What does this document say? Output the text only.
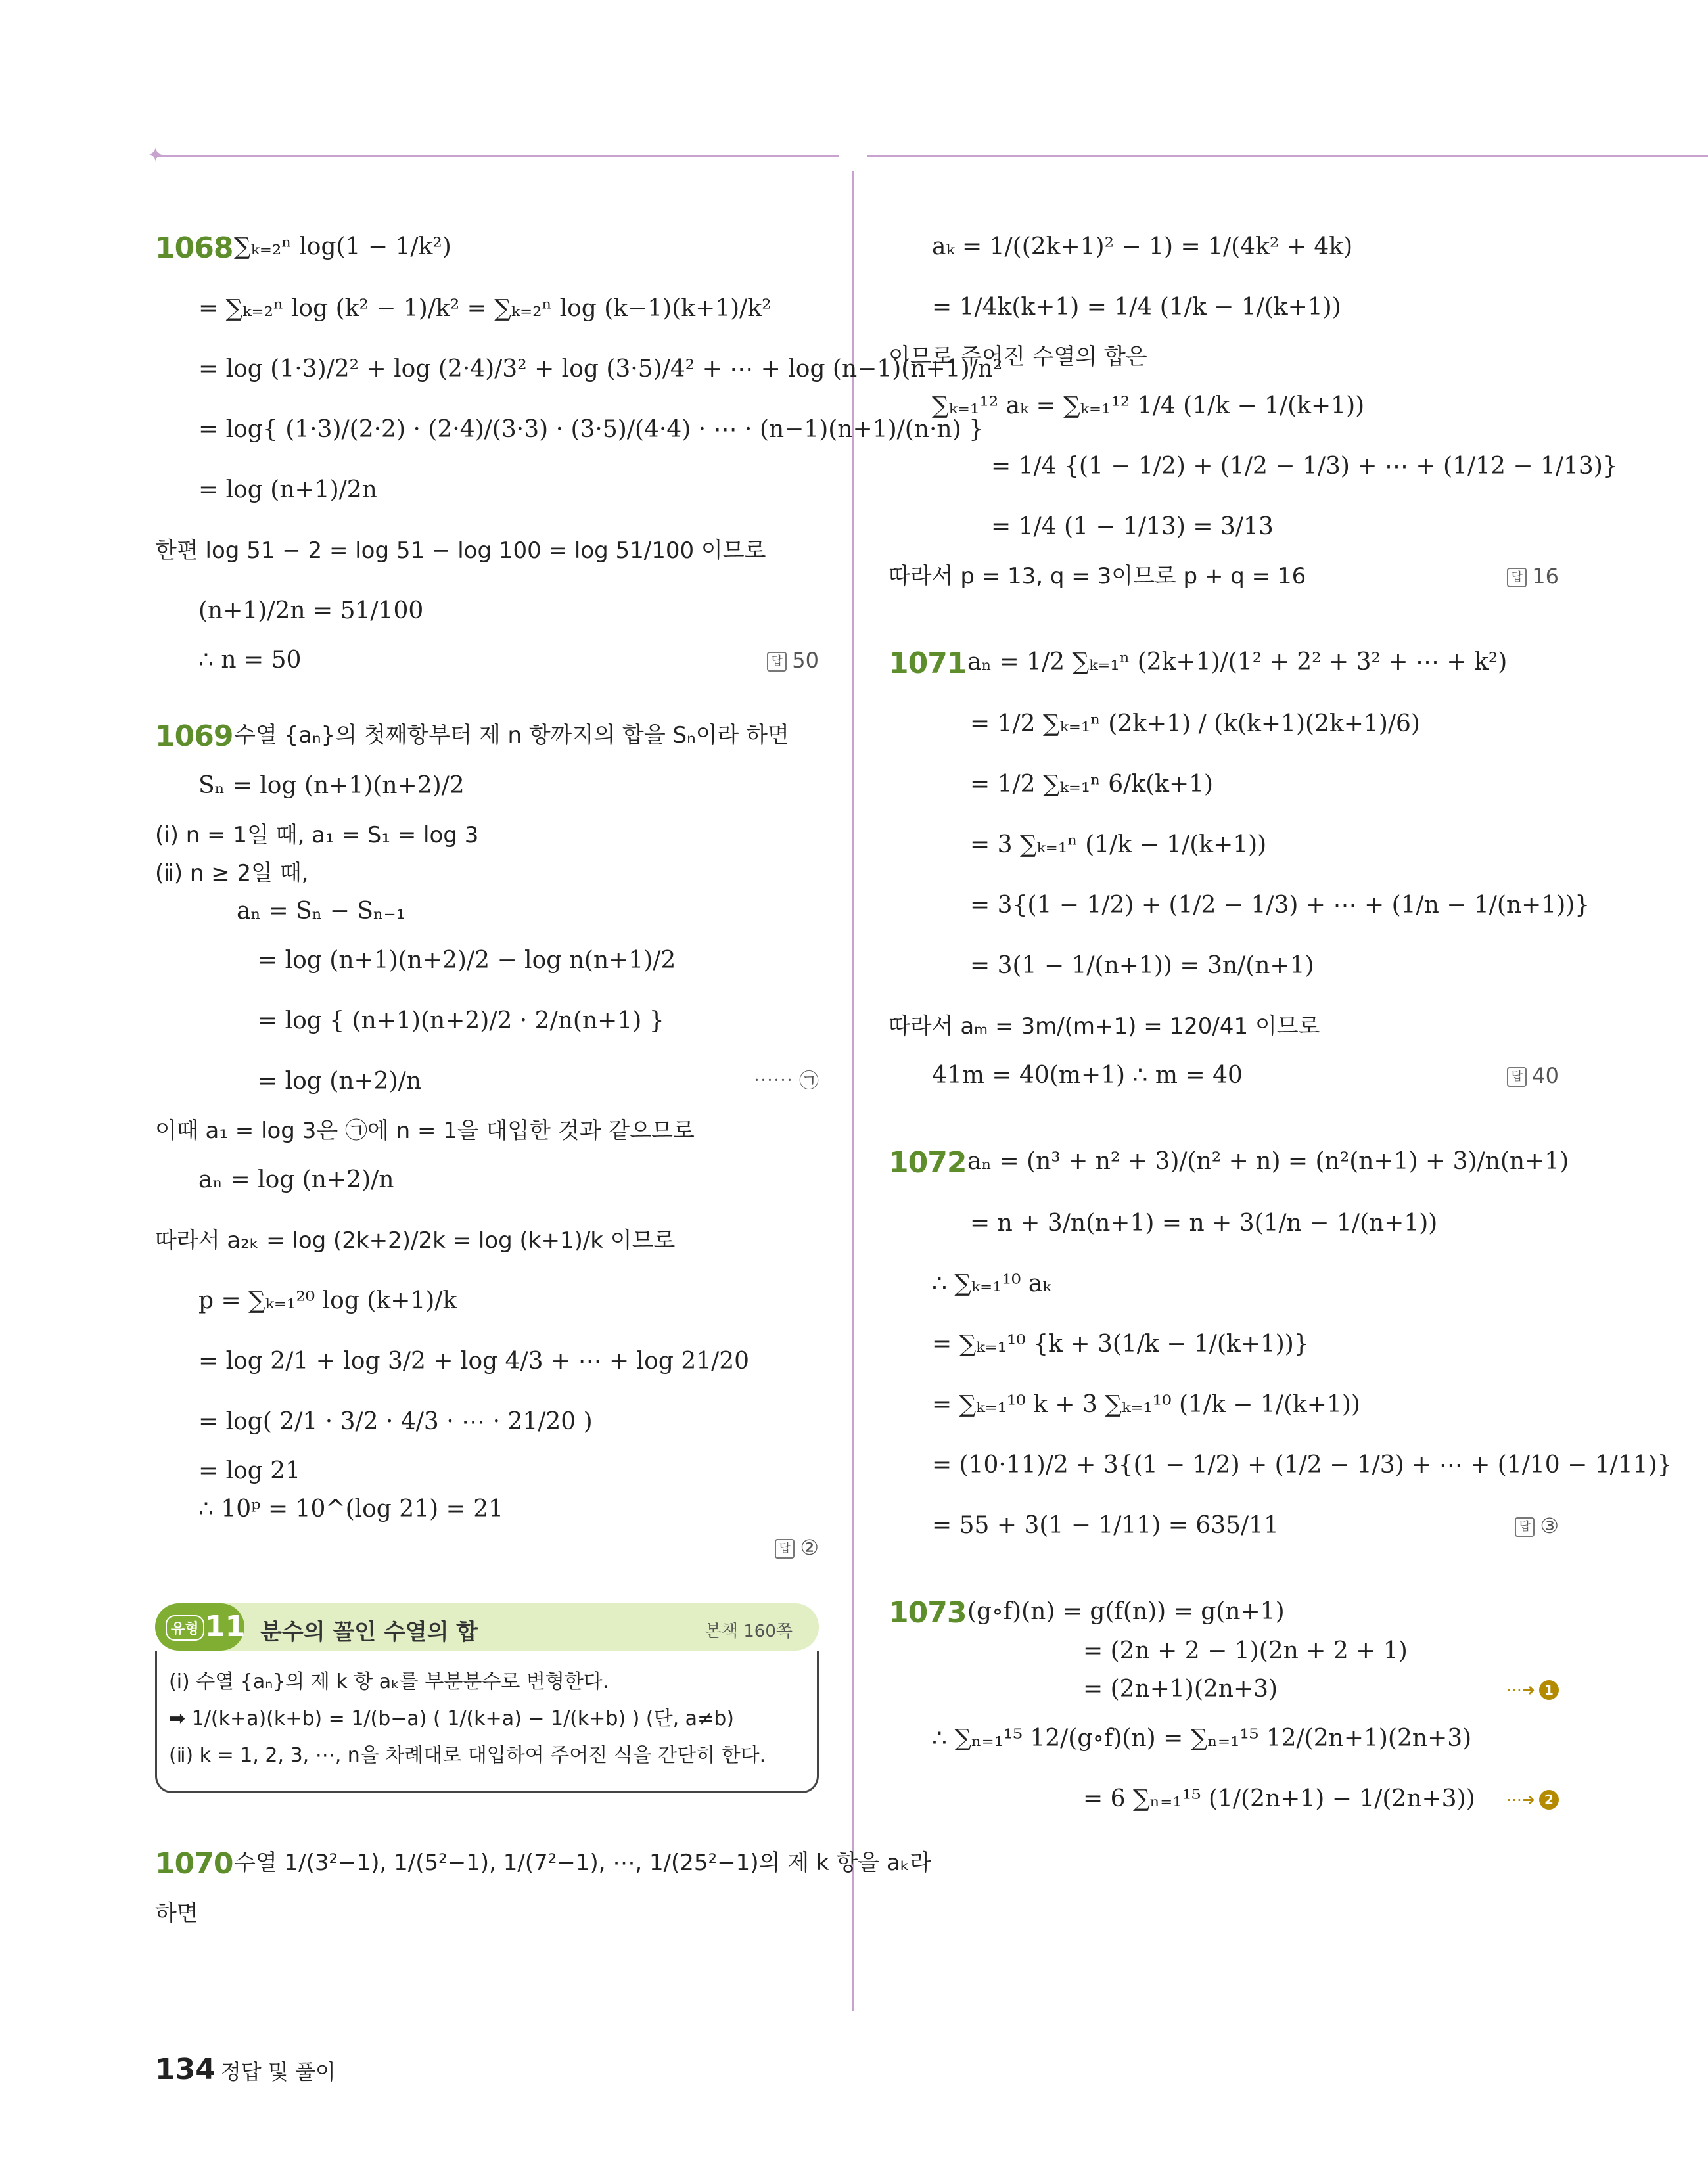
✦
1068∑ₖ₌₂ⁿ log(1 − 1/k²)
= ∑ₖ₌₂ⁿ log (k² − 1)/k² = ∑ₖ₌₂ⁿ log (k−1)(k+1)/k²
= log (1·3)/2² + log (2·4)/3² + log (3·5)/4² + ⋯ + log (n−1)(n+1)/n²
= log{ (1·3)/(2·2) · (2·4)/(3·3) · (3·5)/(4·4) · ⋯ · (n−1)(n+1)/(n·n) }
= log (n+1)/2n
한편 log 51 − 2 = log 51 − log 100 = log 51/100 이므로
(n+1)/2n = 51/100
∴ n = 50	답 50
1069수열 {aₙ}의 첫째항부터 제 n 항까지의 합을 Sₙ이라 하면
Sₙ = log (n+1)(n+2)/2
(ⅰ) n = 1일 때, a₁ = S₁ = log 3
(ⅱ) n ≥ 2일 때,
aₙ = Sₙ − Sₙ₋₁
= log (n+1)(n+2)/2 − log n(n+1)/2
= log { (n+1)(n+2)/2 · 2/n(n+1) }
= log (n+2)/n	⋯⋯ ㉠
이때 a₁ = log 3은 ㉠에 n = 1을 대입한 것과 같으므로
aₙ = log (n+2)/n
따라서 a₂ₖ = log (2k+2)/2k = log (k+1)/k 이므로
p = ∑ₖ₌₁²⁰ log (k+1)/k
= log 2/1 + log 3/2 + log 4/3 + ⋯ + log 21/20
= log( 2/1 · 3/2 · 4/3 · ⋯ · 21/20 )
= log 21
∴ 10ᵖ = 10^(log 21) = 21
답 ②
유형 11 분수의 꼴인 수열의 합	본책 160쪽
(ⅰ) 수열 {aₙ}의 제 k 항 aₖ를 부분분수로 변형한다.
➡ 1/(k+a)(k+b) = 1/(b−a) ( 1/(k+a) − 1/(k+b) ) (단, a≠b)
(ⅱ) k = 1, 2, 3, ⋯, n을 차례대로 대입하여 주어진 식을 간단히 한다.
1070수열 1/(3²−1), 1/(5²−1), 1/(7²−1), ⋯, 1/(25²−1)의 제 k 항을 aₖ라
하면
aₖ = 1/((2k+1)² − 1) = 1/(4k² + 4k)
= 1/4k(k+1) = 1/4 (1/k − 1/(k+1))
이므로 주어진 수열의 합은
∑ₖ₌₁¹² aₖ = ∑ₖ₌₁¹² 1/4 (1/k − 1/(k+1))
= 1/4 {(1 − 1/2) + (1/2 − 1/3) + ⋯ + (1/12 − 1/13)}
= 1/4 (1 − 1/13) = 3/13
따라서 p = 13, q = 3이므로 p + q = 16	답 16
1071aₙ = 1/2 ∑ₖ₌₁ⁿ (2k+1)/(1² + 2² + 3² + ⋯ + k²)
= 1/2 ∑ₖ₌₁ⁿ (2k+1) / (k(k+1)(2k+1)/6)
= 1/2 ∑ₖ₌₁ⁿ 6/k(k+1)
= 3 ∑ₖ₌₁ⁿ (1/k − 1/(k+1))
= 3{(1 − 1/2) + (1/2 − 1/3) + ⋯ + (1/n − 1/(n+1))}
= 3(1 − 1/(n+1)) = 3n/(n+1)
따라서 aₘ = 3m/(m+1) = 120/41 이므로
41m = 40(m+1) ∴ m = 40	답 40
1072aₙ = (n³ + n² + 3)/(n² + n) = (n²(n+1) + 3)/n(n+1)
= n + 3/n(n+1) = n + 3(1/n − 1/(n+1))
∴ ∑ₖ₌₁¹⁰ aₖ
= ∑ₖ₌₁¹⁰ {k + 3(1/k − 1/(k+1))}
= ∑ₖ₌₁¹⁰ k + 3 ∑ₖ₌₁¹⁰ (1/k − 1/(k+1))
= (10·11)/2 + 3{(1 − 1/2) + (1/2 − 1/3) + ⋯ + (1/10 − 1/11)}
= 55 + 3(1 − 1/11) = 635/11	답 ③
1073(g∘f)(n) = g(f(n)) = g(n+1)
= (2n + 2 − 1)(2n + 2 + 1)
= (2n+1)(2n+3)	⋯➜ 1
∴ ∑ₙ₌₁¹⁵ 12/(g∘f)(n) = ∑ₙ₌₁¹⁵ 12/(2n+1)(2n+3)
= 6 ∑ₙ₌₁¹⁵ (1/(2n+1) − 1/(2n+3)) ⋯➜ 2
134 정답 및 풀이
